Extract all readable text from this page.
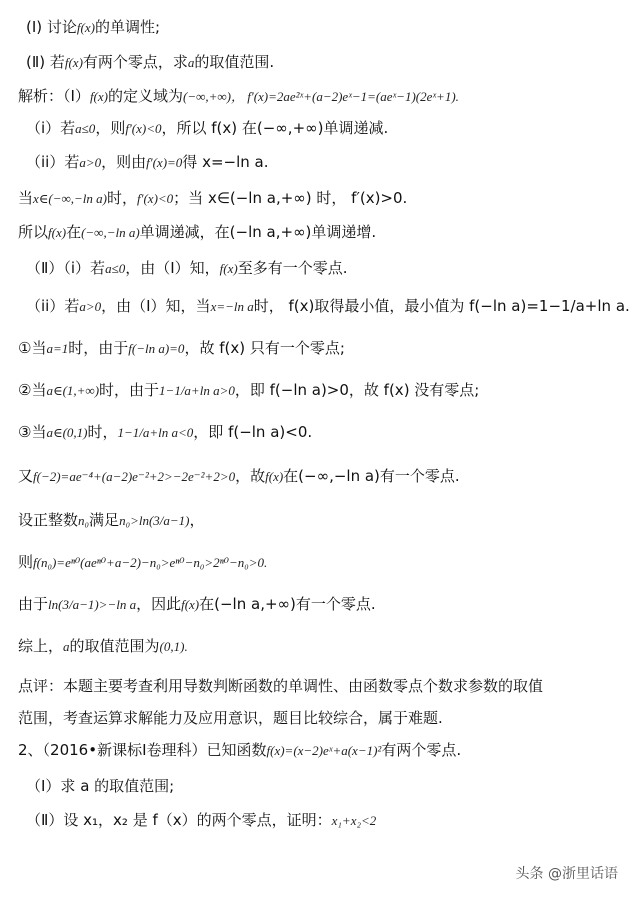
(Ⅰ) 讨论f(x)的单调性;
(Ⅱ) 若f(x)有两个零点，求a的取值范围.
解析：（Ⅰ）f(x)的定义域为(−∞,+∞)， f′(x)=2ae²ˣ+(a−2)eˣ−1=(aeˣ−1)(2eˣ+1).
（i）若a≤0，则f′(x)<0，所以 f(x) 在(−∞,+∞)单调递减.
（ii）若a>0，则由f′(x)=0得 x=−ln a.
当x∈(−∞,−ln a)时，f′(x)<0；当 x∈(−ln a,+∞) 时， f′(x)>0.
所以f(x)在(−∞,−ln a)单调递减，在(−ln a,+∞)单调递增.
（Ⅱ）（i）若a≤0，由（Ⅰ）知，f(x)至多有一个零点.
（ii）若a>0，由（Ⅰ）知，当x=−ln a时， f(x)取得最小值，最小值为 f(−ln a)=1−1/a+ln a.
①当a=1时，由于f(−ln a)=0，故 f(x) 只有一个零点;
②当a∈(1,+∞)时，由于1−1/a+ln a>0，即 f(−ln a)>0，故 f(x) 没有零点;
③当a∈(0,1)时，1−1/a+ln a<0，即 f(−ln a)<0.
又f(−2)=ae⁻⁴+(a−2)e⁻²+2>−2e⁻²+2>0，故f(x)在(−∞,−ln a)有一个零点.
设正整数n₀满足n₀>ln(3/a−1)，
则f(n₀)=eⁿ⁰(aeⁿ⁰+a−2)−n₀>eⁿ⁰−n₀>2ⁿ⁰−n₀>0.
由于ln(3/a−1)>−ln a，因此f(x)在(−ln a,+∞)有一个零点.
综上，a的取值范围为(0,1).
点评：本题主要考查利用导数判断函数的单调性、由函数零点个数求参数的取值
范围，考查运算求解能力及应用意识，题目比较综合，属于难题.
2、（2016•新课标Ⅰ卷理科）已知函数f(x)=(x−2)eˣ+a(x−1)²有两个零点.
（Ⅰ）求 a 的取值范围;
（Ⅱ）设 x₁，x₂ 是 f（x）的两个零点，证明：x₁+x₂<2
头条 @浙里话语
